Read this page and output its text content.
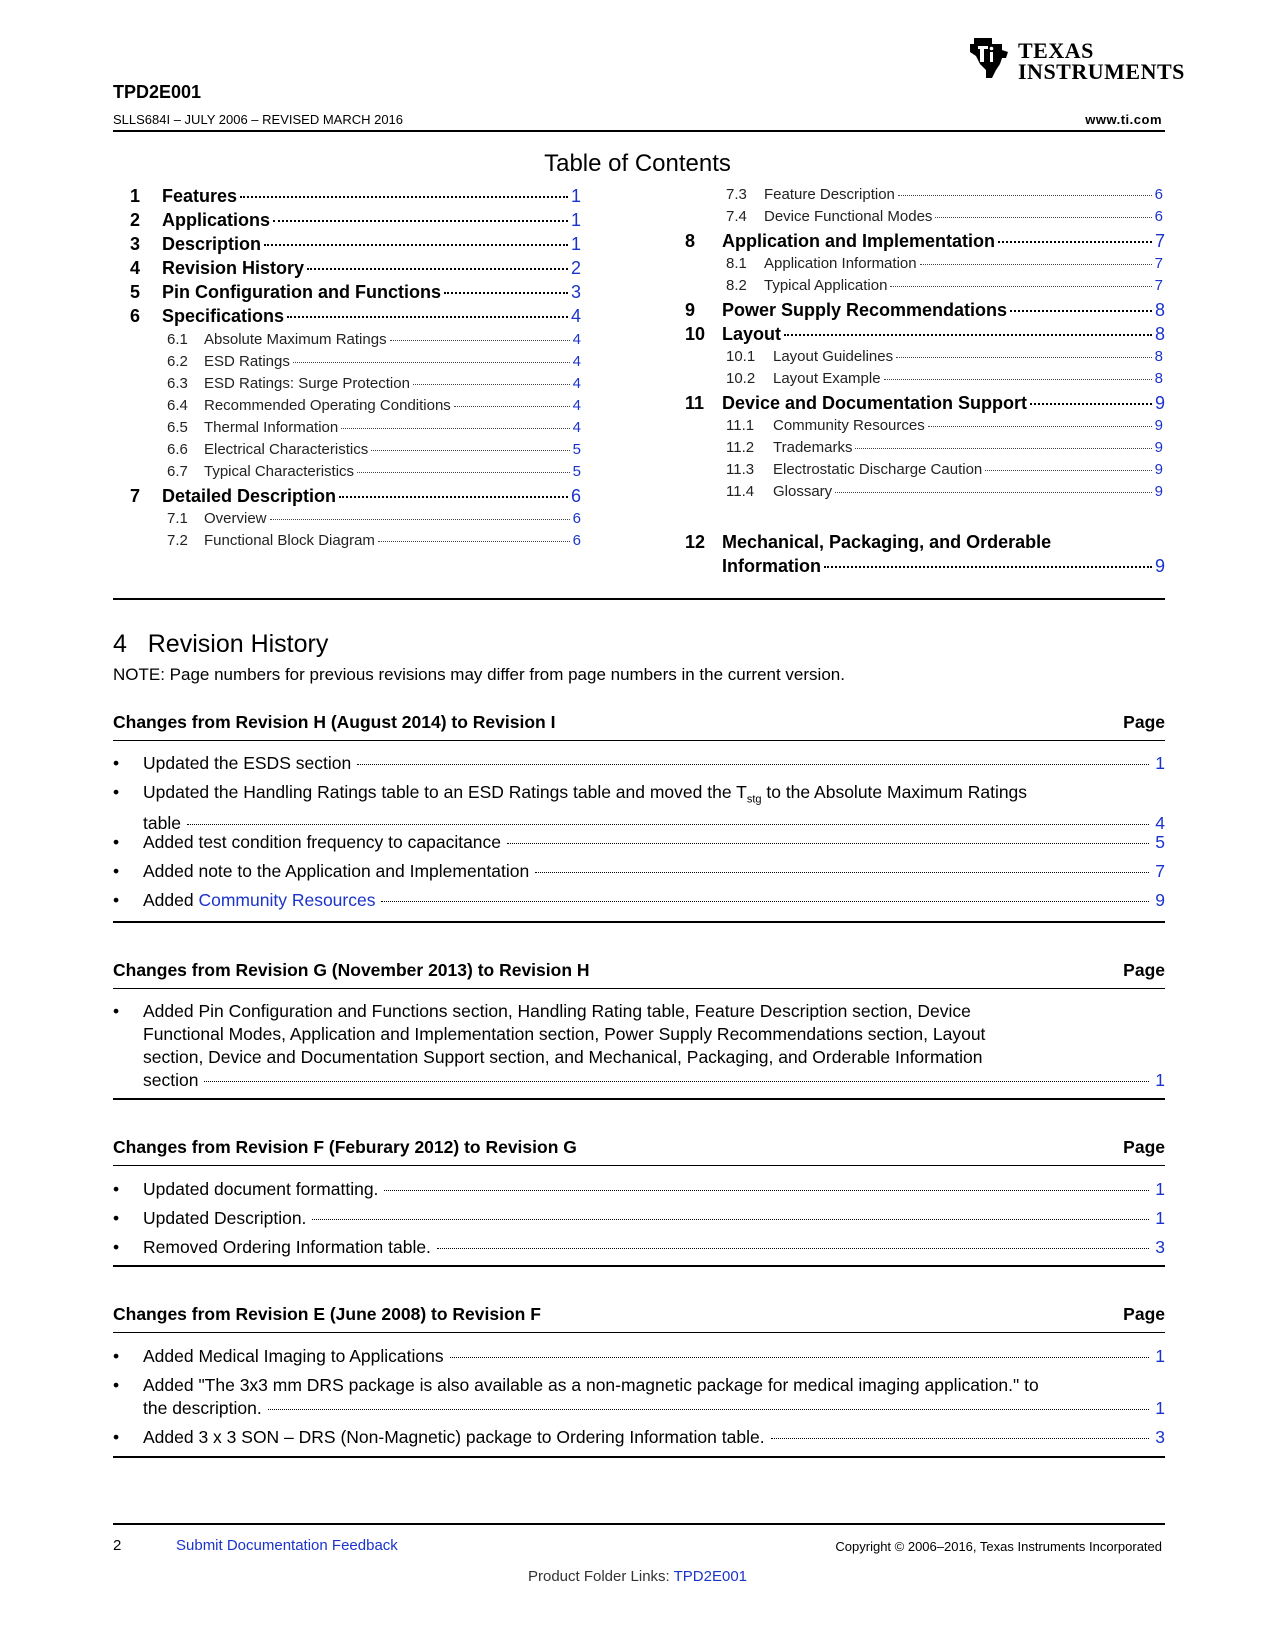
TEXAS
INSTRUMENTS
TPD2E001
SLLS684I – JULY 2006 – REVISED MARCH 2016	www.ti.com
Table of Contents
1	Features	1
2	Applications	1
3	Description	1
4	Revision History	2
5	Pin Configuration and Functions	3
6	Specifications	4
6.1	Absolute Maximum Ratings	4
6.2	ESD Ratings	4
6.3	ESD Ratings: Surge Protection	4
6.4	Recommended Operating Conditions	4
6.5	Thermal Information	4
6.6	Electrical Characteristics	5
6.7	Typical Characteristics	5
7	Detailed Description	6
7.1	Overview	6
7.2	Functional Block Diagram	6
7.3	Feature Description	6
7.4	Device Functional Modes	6
8	Application and Implementation	7
8.1	Application Information	7
8.2	Typical Application	7
9	Power Supply Recommendations	8
10 Layout	8
10.1	Layout Guidelines	8
10.2	Layout Example	8
11 Device and Documentation Support	9
11.1	Community Resources	9
11.2	Trademarks	9
11.3	Electrostatic Discharge Caution	9
11.4	Glossary	9
12 Mechanical, Packaging, and Orderable
Information	9
4 Revision History
NOTE: Page numbers for previous revisions may differ from page numbers in the current version.
Changes from Revision H (August 2014) to Revision I	Page
• Updated the ESDS section	1
• Updated the Handling Ratings table to an ESD Ratings table and moved the $T_{stg}$ to the Absolute Maximum Ratings
table	4
• Added test condition frequency to capacitance	5
• Added note to the Application and Implementation	7
• Added Community Resources	9
Changes from Revision G (November 2013) to Revision H	Page
• Added Pin Configuration and Functions section, Handling Rating table, Feature Description section, Device
Functional Modes, Application and Implementation section, Power Supply Recommendations section, Layout
section, Device and Documentation Support section, and Mechanical, Packaging, and Orderable Information
section	1
Changes from Revision F (Feburary 2012) to Revision G	Page
• Updated document formatting.	1
• Updated Description.	1
• Removed Ordering Information table.	3
Changes from Revision E (June 2008) to Revision F	Page
• Added Medical Imaging to Applications	1
• Added "The 3x3 mm DRS package is also available as a non-magnetic package for medical imaging application." to
the description.	1
• Added 3 x 3 SON – DRS (Non-Magnetic) package to Ordering Information table.	3
2	Submit Documentation Feedback	Copyright © 2006–2016, Texas Instruments Incorporated
Product Folder Links: TPD2E001
